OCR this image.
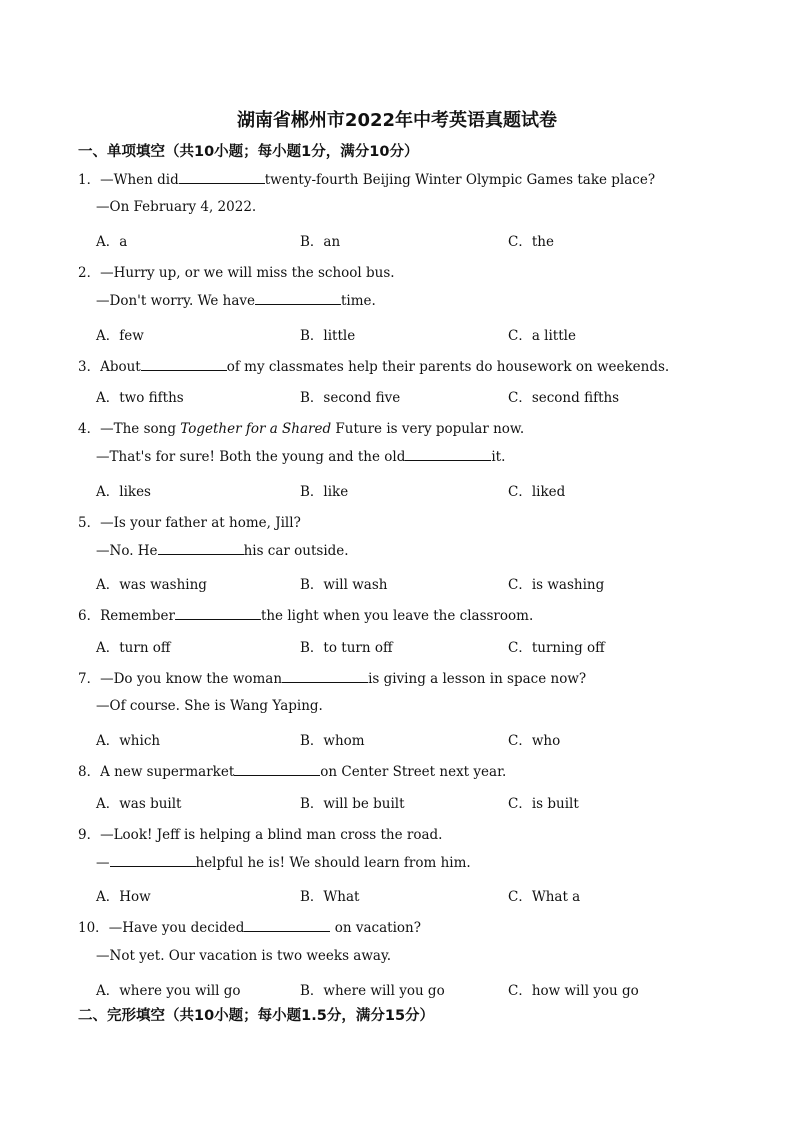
湖南省郴州市2022年中考英语真题试卷
一、单项填空（共10小题；每小题1分，满分10分）
1．—When did	twenty-fourth Beijing Winter Olympic Games take place?
—On February 4, 2022.
A．a	B．an	C．the
2．—Hurry up, or we will miss the school bus.
—Don't worry. We have	time.
A．few	B．little	C．a little
3．About	of my classmates help their parents do housework on weekends.
A．two fifths	B．second five	C．second fifths
4．—The song Together for a Shared Future is very popular now.
—That's for sure! Both the young and the old	it.
A．likes	B．like	C．liked
5．—Is your father at home, Jill?
—No. He	his car outside.
A．was washing	B．will wash	C．is washing
6．Remember	the light when you leave the classroom.
A．turn off	B．to turn off	C．turning off
7．—Do you know the woman	is giving a lesson in space now?
—Of course. She is Wang Yaping.
A．which	B．whom	C．who
8．A new supermarket	on Center Street next year.
A．was built	B．will be built	C．is built
9．—Look! Jeff is helping a blind man cross the road.
—	helpful he is! We should learn from him.
A．How	B．What	C．What a
10．—Have you decided	on vacation?
—Not yet. Our vacation is two weeks away.
A．where you will go	B．where will you go	C．how will you go
二、完形填空（共10小题；每小题1.5分，满分15分）
